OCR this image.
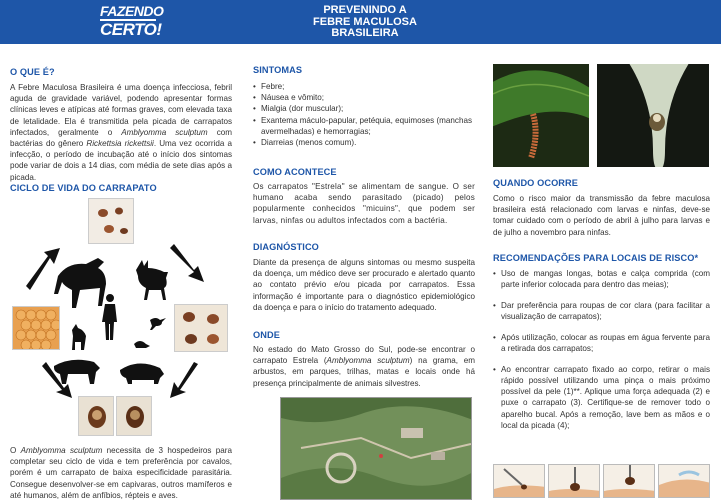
FAZENDO
CERTO!
PREVENINDO A
FEBRE MACULOSA
BRASILEIRA
O QUE É?

A Febre Maculosa Brasileira é uma doença infecciosa, febril aguda de gravidade variável, podendo apresentar formas clínicas leves e atípicas até formas graves, com elevada taxa de letalidade. Ela é transmitida pela picada de carrapatos infectados, geralmente o Amblyomma sculptum com bactérias do gênero Rickettsia rickettsii. Uma vez ocorrida a infecção, o período de incubação até o início dos sintomas pode variar de dois a 14 dias, com média de sete dias após a picada.

CICLO DE VIDA DO CARRAPATO

O Amblyomma sculptum necessita de 3 hospedeiros para completar seu ciclo de vida e tem preferência por cavalos, porém é um carrapato de baixa especificidade parasitária. Consegue desenvolver-se em capivaras, outros mamíferos e até humanos, além de anfíbios, répteis e aves.

SINTOMAS
• Febre;
• Náusea e vômito;
• Mialgia (dor muscular);
• Exantema máculo-papular, petéquia, equimoses (manchas avermelhadas) e hemorragias;
• Diarreias (menos comum).
COMO ACONTECE

Os carrapatos "Estrela" se alimentam de sangue. O ser humano acaba sendo parasitado (picado) pelos popularmente conhecidos "micuins", que podem ser larvas, ninfas ou adultos infectados com a bactéria.

DIAGNÓSTICO

Diante da presença de alguns sintomas ou mesmo suspeita da doença, um médico deve ser procurado e alertado quanto ao contato prévio e/ou picada por carrapatos. Essa informação é importante para o diagnóstico epidemiológico da doença e para o início do tratamento adequado.

ONDE

No estado do Mato Grosso do Sul, pode-se encontrar o carrapato Estrela (Amblyomma sculptum) na grama, em arbustos, em parques, trilhas, matas e locais onde há presença principalmente de animais silvestres.

QUANDO OCORRE

Como o risco maior da transmissão da febre maculosa brasileira está relacionado com larvas e ninfas, deve-se tomar cuidado com o período de abril à julho para larvas e de julho a novembro para ninfas.

RECOMENDAÇÕES PARA LOCAIS DE RISCO*
• Uso de mangas longas, botas e calça comprida (com parte inferior colocada para dentro das meias);
• Dar preferência para roupas de cor clara (para facilitar a visualização de carrapatos);
• Após utilização, colocar as roupas em água fervente para a retirada dos carrapatos;
• Ao encontrar carrapato fixado ao corpo, retirar o mais rápido possível utilizando uma pinça o mais próximo possível da pele (1)**. Aplique uma força adequada (2) e puxe o carrapato (3). Certifique-se de remover todo o aparelho bucal. Após a remoção, lave bem as mãos e o local da picada (4);
